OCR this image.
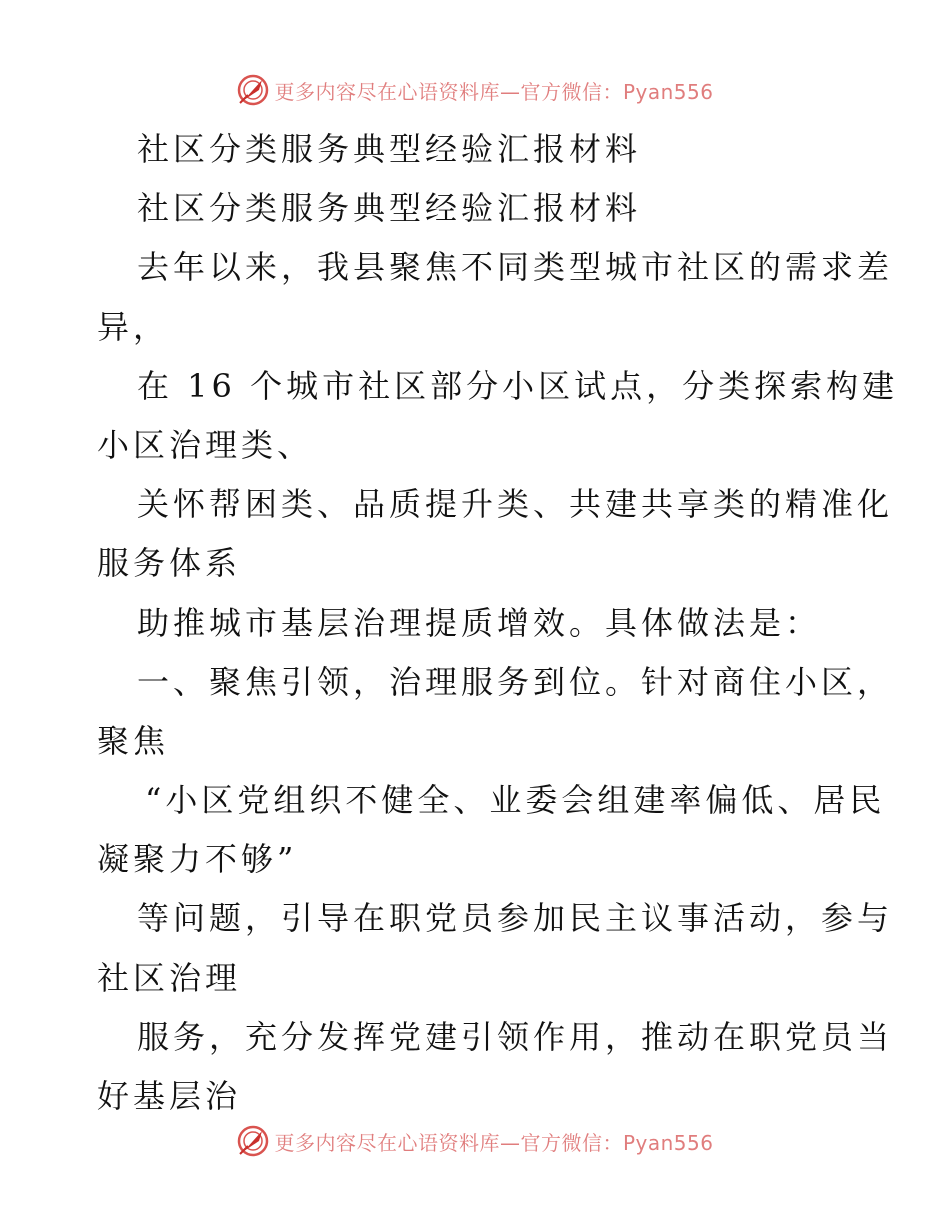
更多内容尽在心语资料库—官方微信：Pyan556
社区分类服务典型经验汇报材料
社区分类服务典型经验汇报材料
去年以来，我县聚焦不同类型城市社区的需求差
异，
在 16 个城市社区部分小区试点，分类探索构建
小区治理类、
关怀帮困类、品质提升类、共建共享类的精准化
服务体系
助推城市基层治理提质增效。具体做法是：
一、聚焦引领，治理服务到位。针对商住小区，
聚焦
“小区党组织不健全、业委会组建率偏低、居民
凝聚力不够”
等问题，引导在职党员参加民主议事活动，参与
社区治理
服务，充分发挥党建引领作用，推动在职党员当
好基层治
更多内容尽在心语资料库—官方微信：Pyan556
